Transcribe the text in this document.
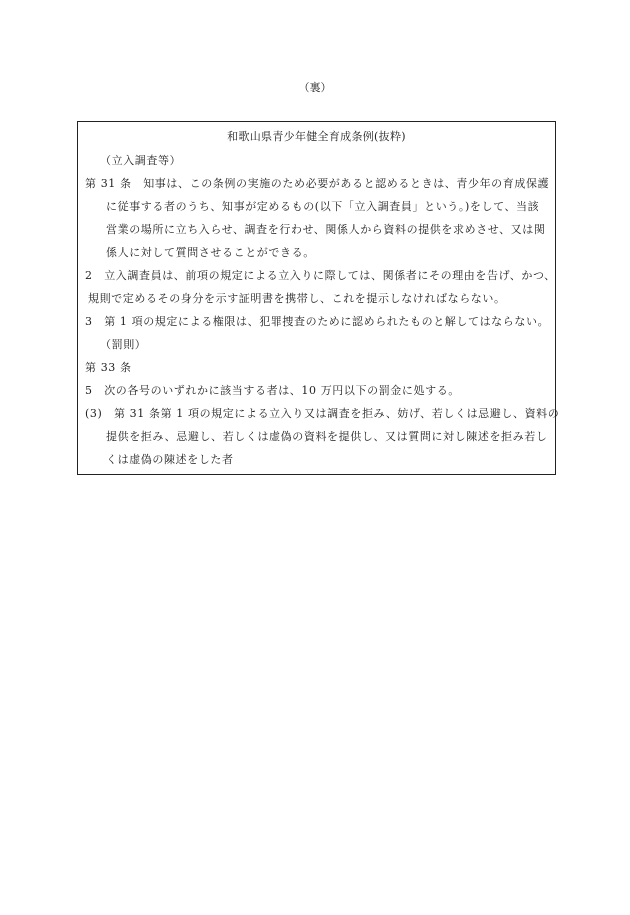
（裏）
和歌山県青少年健全育成条例(抜粋)
（立入調査等）
第 31 条　知事は、この条例の実施のため必要があると認めるときは、青少年の育成保護
に従事する者のうち、知事が定めるもの(以下「立入調査員」という。)をして、当該
営業の場所に立ち入らせ、調査を行わせ、関係人から資料の提供を求めさせ、又は関
係人に対して質問させることができる。
2　立入調査員は、前項の規定による立入りに際しては、関係者にその理由を告げ、かつ、
規則で定めるその身分を示す証明書を携帯し、これを提示しなければならない。
3　第 1 項の規定による権限は、犯罪捜査のために認められたものと解してはならない。
（罰則）
第 33 条
5　次の各号のいずれかに該当する者は、10 万円以下の罰金に処する。
(3)　第 31 条第 1 項の規定による立入り又は調査を拒み、妨げ、若しくは忌避し、資料の
提供を拒み、忌避し、若しくは虚偽の資料を提供し、又は質問に対し陳述を拒み若し
くは虚偽の陳述をした者
